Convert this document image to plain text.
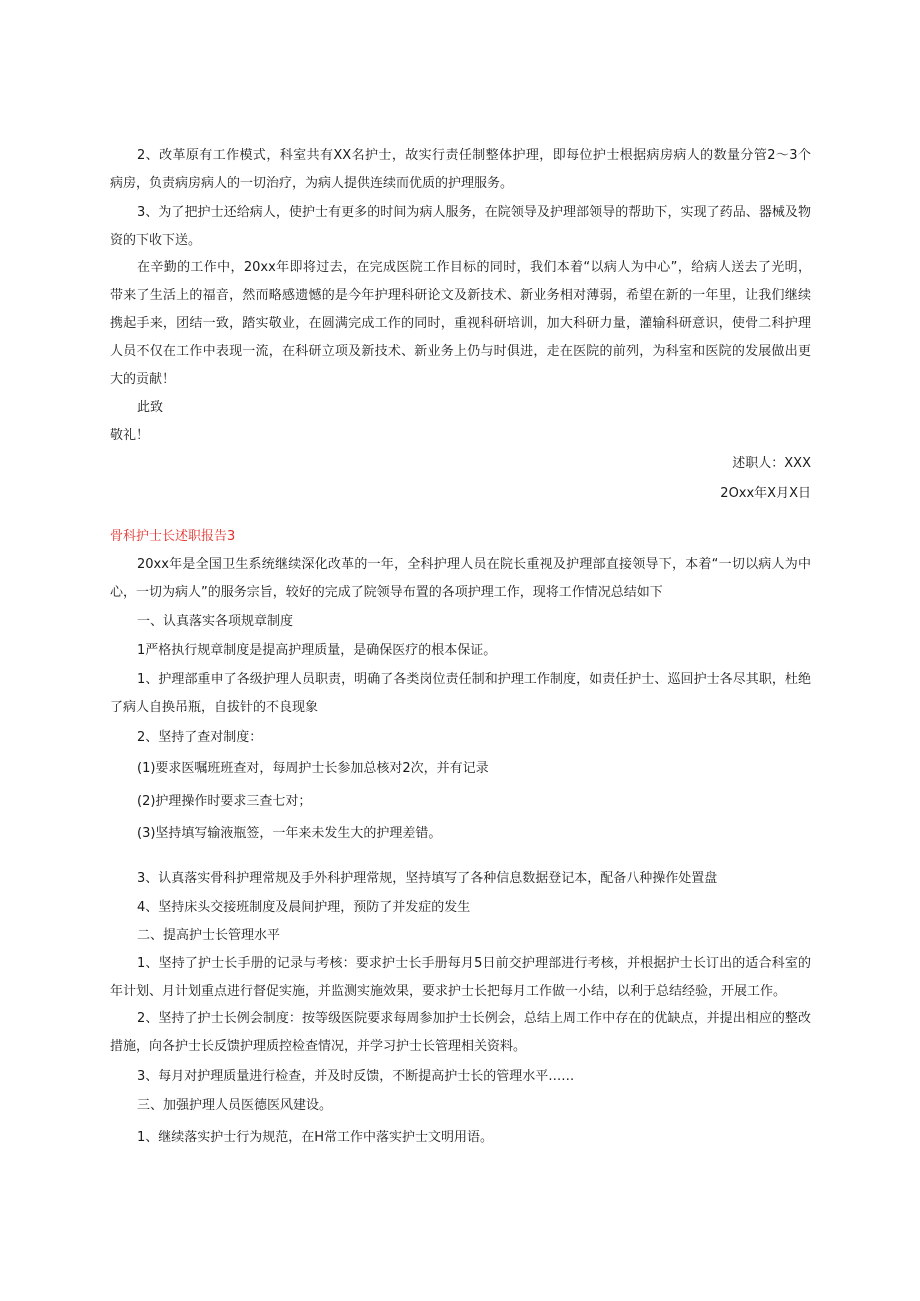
2、改革原有工作模式，科室共有XX名护士，故实行责任制整体护理，即每位护士根据病房病人的数量分管2～3个
病房，负责病房病人的一切治疗，为病人提供连续而优质的护理服务。
3、为了把护士还给病人，使护士有更多的时间为病人服务，在院领导及护理部领导的帮助下，实现了药品、器械及物
资的下收下送。
在辛勤的工作中，20xx年即将过去，在完成医院工作目标的同时，我们本着“以病人为中心”，给病人送去了光明，
带来了生活上的福音，然而略感遗憾的是今年护理科研论文及新技术、新业务相对薄弱，希望在新的一年里，让我们继续
携起手来，团结一致，踏实敬业，在圆满完成工作的同时，重视科研培训，加大科研力量，灌输科研意识，使骨二科护理
人员不仅在工作中表现一流，在科研立项及新技术、新业务上仍与时俱进，走在医院的前列，为科室和医院的发展做出更
大的贡献！
此致
敬礼！
述职人：XXX
2Oxx年X月X日
骨科护士长述职报告3
20xx年是全国卫生系统继续深化改革的一年，全科护理人员在院长重视及护理部直接领导下，本着“一切以病人为中
心，一切为病人”的服务宗旨，较好的完成了院领导布置的各项护理工作，现将工作情况总结如下
一、认真落实各项规章制度
1严格执行规章制度是提高护理质量，是确保医疗的根本保证。
1、护理部重申了各级护理人员职责，明确了各类岗位责任制和护理工作制度，如责任护士、巡回护士各尽其职，杜绝
了病人自换吊瓶，自拔针的不良现象
2、坚持了查对制度：
(1)要求医嘱班班查对，每周护士长参加总核对2次，并有记录
(2)护理操作时要求三查七对；
(3)坚持填写输液瓶签，一年来未发生大的护理差错。
3、认真落实骨科护理常规及手外科护理常规，坚持填写了各种信息数据登记本，配备八种操作处置盘
4、坚持床头交接班制度及晨间护理，预防了并发症的发生
二、提高护士长管理水平
1、坚持了护士长手册的记录与考核：要求护士长手册每月5日前交护理部进行考核，并根据护士长订出的适合科室的
年计划、月计划重点进行督促实施，并监测实施效果，要求护士长把每月工作做一小结，以利于总结经验，开展工作。
2、坚持了护士长例会制度：按等级医院要求每周参加护士长例会，总结上周工作中存在的优缺点，并提出相应的整改
措施，向各护士长反馈护理质控检查情况，并学习护士长管理相关资料。
3、每月对护理质量进行检查，并及时反馈，不断提高护士长的管理水平……
三、加强护理人员医德医风建设。
1、继续落实护士行为规范，在H常工作中落实护士文明用语。
